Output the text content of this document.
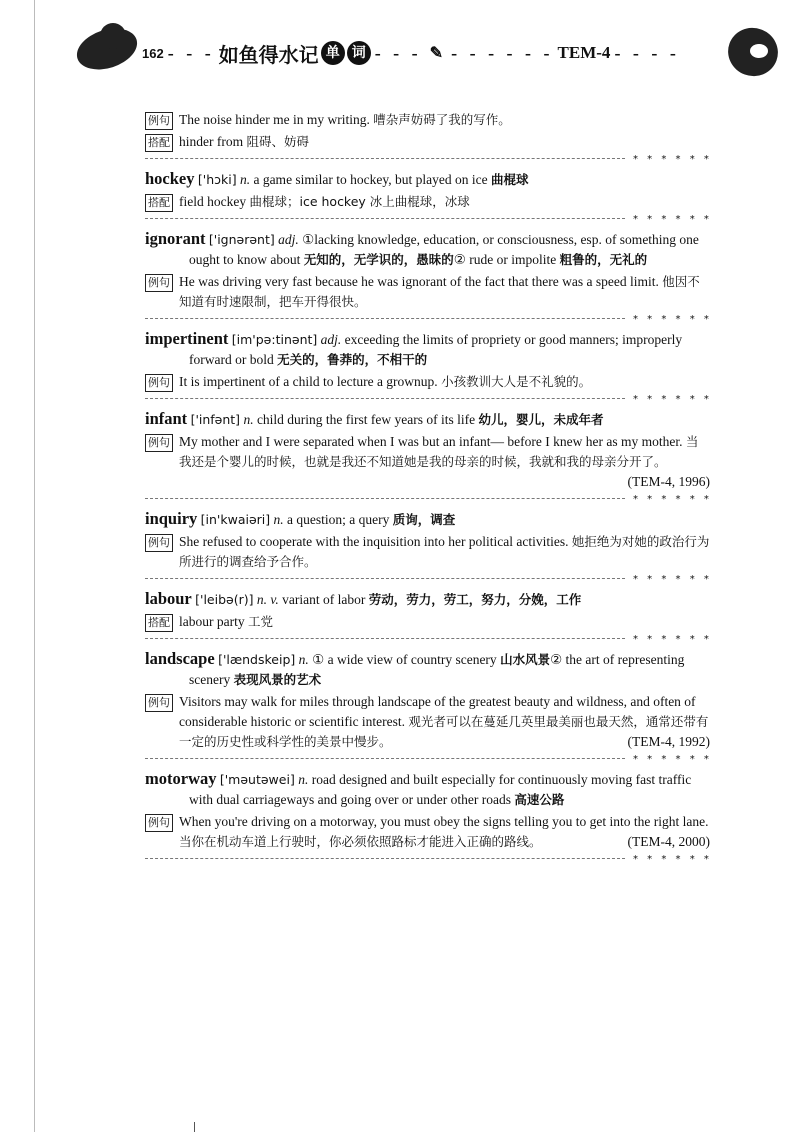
162 - - - 如鱼得水记 单 词 - - - ✎ - - - - - - TEM-4 - - - -
例句 The noise hinder me in my writing. 嘈杂声妨碍了我的写作。
搭配 hinder from 阻碍、妨碍
* * * * * *

hockey ['hɔki] n. a game similar to hockey, but played on ice 曲棍球

搭配 field hockey 曲棍球；ice hockey 冰上曲棍球，冰球
* * * * * *

ignorant ['ignərənt] adj. ①lacking knowledge, education, or consciousness, esp. of something one ought to know about 无知的，无学识的，愚昧的② rude or impolite 粗鲁的，无礼的

例句 He was driving very fast because he was ignorant of the fact that there was a speed limit. 他因不知道有时速限制，把车开得很快。
* * * * * *

impertinent [im'pə:tinənt] adj. exceeding the limits of propriety or good manners; improperly forward or bold 无关的，鲁莽的，不相干的

例句 It is impertinent of a child to lecture a grownup. 小孩教训大人是不礼貌的。
* * * * * *

infant ['infənt] n. child during the first few years of its life 幼儿，婴儿，未成年者

例句 My mother and I were separated when I was but an infant— before I knew her as my mother. 当我还是个婴儿的时候，也就是我还不知道她是我的母亲的时候，我就和我的母亲分开了。
(TEM-4, 1996)
* * * * * *

inquiry [in'kwaiəri] n. a question; a query 质询，调查

例句 She refused to cooperate with the inquisition into her political activities. 她拒绝为对她的政治行为所进行的调查给予合作。
* * * * * *

labour ['leibə(r)] n. v. variant of labor 劳动，劳力，劳工，努力，分娩，工作

搭配 labour party 工党
* * * * * *

landscape ['lændskeip] n. ① a wide view of country scenery 山水风景② the art of representing scenery 表现风景的艺术

例句 Visitors may walk for miles through landscape of the greatest beauty and wildness, and often of considerable historic or scientific interest. 观光者可以在蔓延几英里最美丽也最天然，通常还带有一定的历史性或科学性的美景中慢步。	(TEM-4, 1992)
* * * * * *

motorway ['məutəwei] n. road designed and built especially for continuously moving fast traffic with dual carriageways and going over or under other roads 高速公路

例句 When you're driving on a motorway, you must obey the signs telling you to get into the right lane. 当你在机动车道上行驶时，你必须依照路标才能进入正确的路线。	(TEM-4, 2000)
* * * * * *
